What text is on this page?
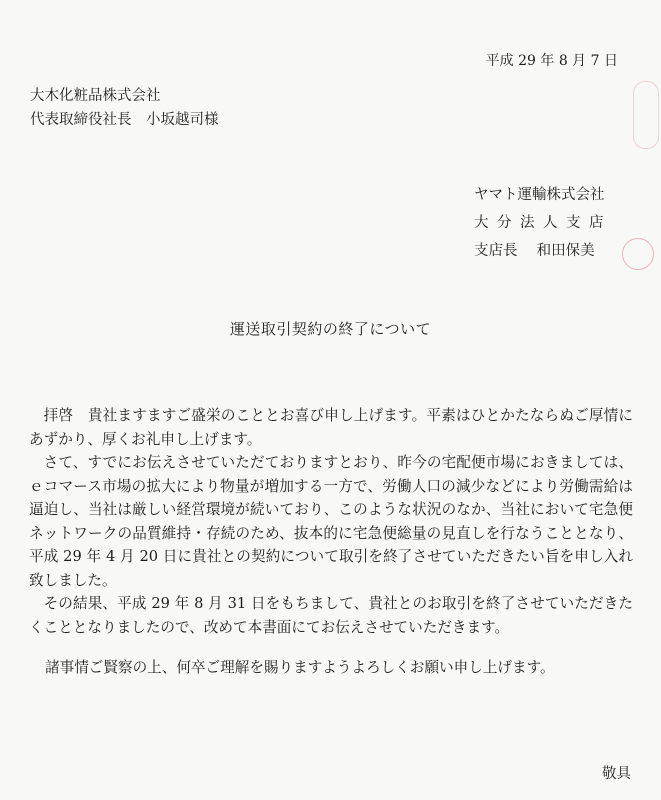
平成 29 年 8 月 7 日
大木化粧品株式会社
代表取締役社長　小坂越司様
ヤマト運輸株式会社
大分法人支店
支店長　 和田保美
運送取引契約の終了について

拝啓　貴社ますますご盛栄のこととお喜び申し上げます。平素はひとかたならぬご厚情にあずかり、厚くお礼申し上げます。

さて、すでにお伝えさせていただておりますとおり、昨今の宅配便市場におきましては、ｅコマース市場の拡大により物量が増加する一方で、労働人口の減少などにより労働需給は逼迫し、当社は厳しい経営環境が続いており、このような状況のなか、当社において宅急便ネットワークの品質維持・存続のため、抜本的に宅急便総量の見直しを行なうこととなり、平成 29 年 4 月 20 日に貴社との契約について取引を終了させていただきたい旨を申し入れ致しました。

その結果、平成 29 年 8 月 31 日をもちまして、貴社とのお取引を終了させていただきたくこととなりましたので、改めて本書面にてお伝えさせていただきます。

諸事情ご賢察の上、何卒ご理解を賜りますようよろしくお願い申し上げます。

敬具
